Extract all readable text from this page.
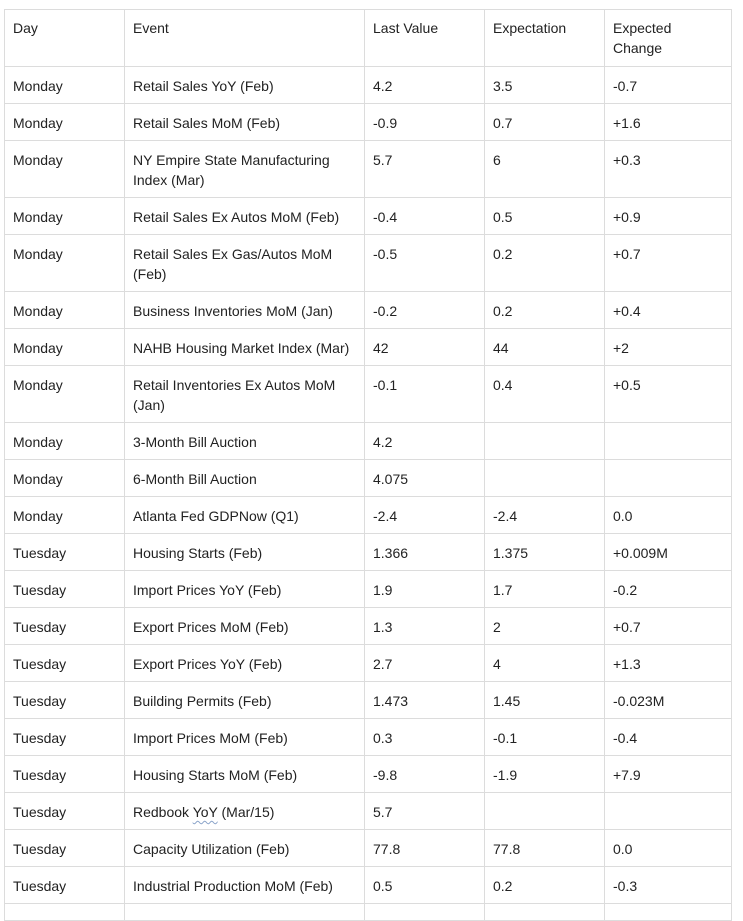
Day	Event	Last Value	Expectation	Expected Change
Monday	Retail Sales YoY (Feb)	4.2	3.5	-0.7
Monday	Retail Sales MoM (Feb)	-0.9	0.7	+1.6
Monday	NY Empire State Manufacturing Index (Mar)	5.7	6	+0.3
Monday	Retail Sales Ex Autos MoM (Feb)	-0.4	0.5	+0.9
Monday	Retail Sales Ex Gas/Autos MoM (Feb)	-0.5	0.2	+0.7
Monday	Business Inventories MoM (Jan)	-0.2	0.2	+0.4
Monday	NAHB Housing Market Index (Mar)	42	44	+2
Monday	Retail Inventories Ex Autos MoM (Jan)	-0.1	0.4	+0.5
Monday	3-Month Bill Auction	4.2		
Monday	6-Month Bill Auction	4.075		
Monday	Atlanta Fed GDPNow (Q1)	-2.4	-2.4	0.0
Tuesday	Housing Starts (Feb)	1.366	1.375	+0.009M
Tuesday	Import Prices YoY (Feb)	1.9	1.7	-0.2
Tuesday	Export Prices MoM (Feb)	1.3	2	+0.7
Tuesday	Export Prices YoY (Feb)	2.7	4	+1.3
Tuesday	Building Permits (Feb)	1.473	1.45	-0.023M
Tuesday	Import Prices MoM (Feb)	0.3	-0.1	-0.4
Tuesday	Housing Starts MoM (Feb)	-9.8	-1.9	+7.9
Tuesday	Redbook YoY (Mar/15)	5.7		
Tuesday	Capacity Utilization (Feb)	77.8	77.8	0.0
Tuesday	Industrial Production MoM (Feb)	0.5	0.2	-0.3
